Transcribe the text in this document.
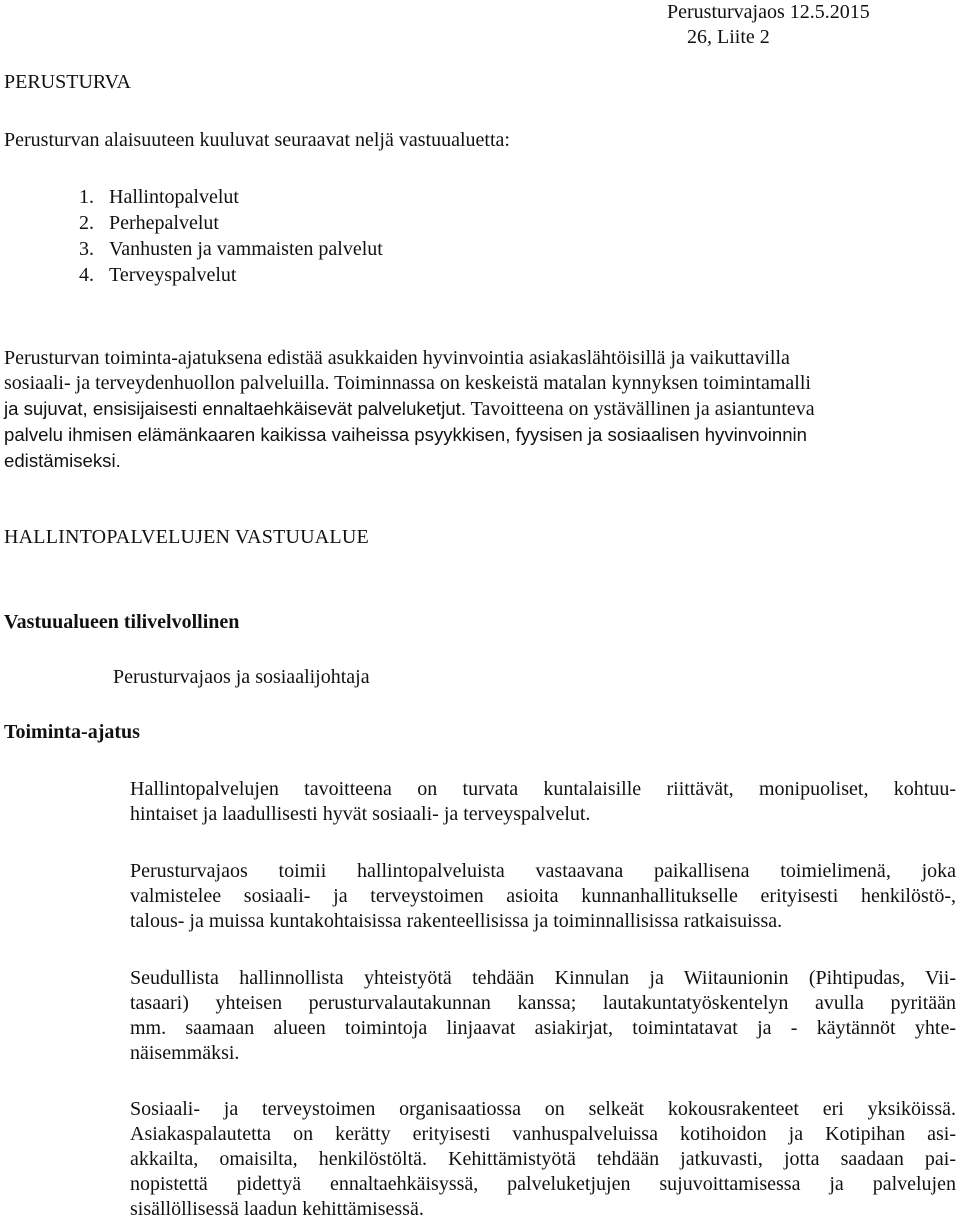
Perusturvajaos 12.5.2015
26, Liite 2
PERUSTURVA

Perusturvan alaisuuteen kuuluvat seuraavat neljä vastuualuetta:

1. Hallintopalvelut
2. Perhepalvelut
3. Vanhusten ja vammaisten palvelut
4. Terveyspalvelut
Perusturvan toiminta-ajatuksena edistää asukkaiden hyvinvointia asiakaslähtöisillä ja vaikuttavilla
sosiaali- ja terveydenhuollon palveluilla. Toiminnassa on keskeistä matalan kynnyksen toimintamalli
ja sujuvat, ensisijaisesti ennaltaehkäisevät palveluketjut. Tavoitteena on ystävällinen ja asiantunteva
palvelu ihmisen elämänkaaren kaikissa vaiheissa psyykkisen, fyysisen ja sosiaalisen hyvinvoinnin
edistämiseksi.
HALLINTOPALVELUJEN VASTUUALUE
Vastuualueen tilivelvollinen

Perusturvajaos ja sosiaalijohtaja

Toiminta-ajatus
Hallintopalvelujen tavoitteena on turvata kuntalaisille riittävät, monipuoliset, kohtuu-
hintaiset ja laadullisesti hyvät sosiaali- ja terveyspalvelut.
Perusturvajaos toimii hallintopalveluista vastaavana paikallisena toimielimenä, joka
valmistelee sosiaali- ja terveystoimen asioita kunnanhallitukselle erityisesti henkilöstö-,
talous- ja muissa kuntakohtaisissa rakenteellisissa ja toiminnallisissa ratkaisuissa.
Seudullista hallinnollista yhteistyötä tehdään Kinnulan ja Wiitaunionin (Pihtipudas, Vii-
tasaari) yhteisen perusturvalautakunnan kanssa; lautakuntatyöskentelyn avulla pyritään
mm. saamaan alueen toimintoja linjaavat asiakirjat, toimintatavat ja - käytännöt yhte-
näisemmäksi.
Sosiaali- ja terveystoimen organisaatiossa on selkeät kokousrakenteet eri yksiköissä.
Asiakaspalautetta on kerätty erityisesti vanhuspalveluissa kotihoidon ja Kotipihan asi-
akkailta, omaisilta, henkilöstöltä. Kehittämistyötä tehdään jatkuvasti, jotta saadaan pai-
nopistettä pidettyä ennaltaehkäisyssä, palveluketjujen sujuvoittamisessa ja palvelujen
sisällöllisessä laadun kehittämisessä.
